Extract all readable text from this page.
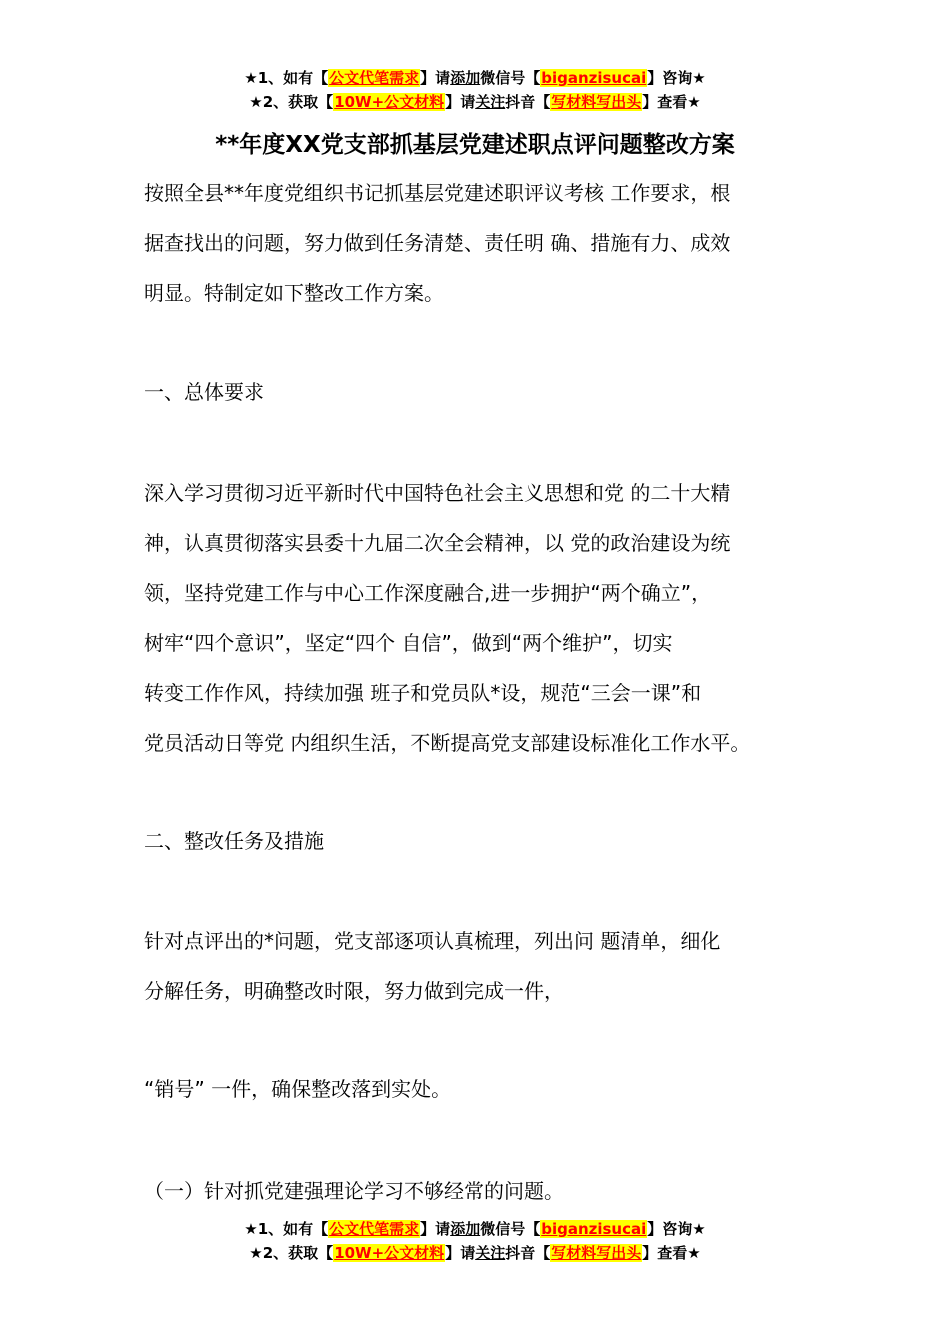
★1、如有【公文代笔需求】请添加微信号【biganzisucai】咨询★
★2、获取【10W+公文材料】请关注抖音【写材料写出头】查看★
**年度XX党支部抓基层党建述职点评问题整改方案
按照全县**年度党组织书记抓基层党建述职评议考核 工作要求，根
据查找出的问题，努力做到任务清楚、责任明 确、措施有力、成效
明显。特制定如下整改工作方案。
一、总体要求
深入学习贯彻习近平新时代中国特色社会主义思想和党 的二十大精
神，认真贯彻落实县委十九届二次全会精神，以 党的政治建设为统
领，坚持党建工作与中心工作深度融合,进一步拥护“两个确立”，
树牢“四个意识”，坚定“四个 自信”，做到“两个维护”，切实
转变工作作风，持续加强 班子和党员队*设，规范“三会一课”和
党员活动日等党 内组织生活，不断提高党支部建设标准化工作水平。
二、整改任务及措施
针对点评出的*问题，党支部逐项认真梳理，列出问 题清单，细化
分解任务，明确整改时限，努力做到完成一件，
“销号” 一件，确保整改落到实处。
（一）针对抓党建强理论学习不够经常的问题。
★1、如有【公文代笔需求】请添加微信号【biganzisucai】咨询★
★2、获取【10W+公文材料】请关注抖音【写材料写出头】查看★
